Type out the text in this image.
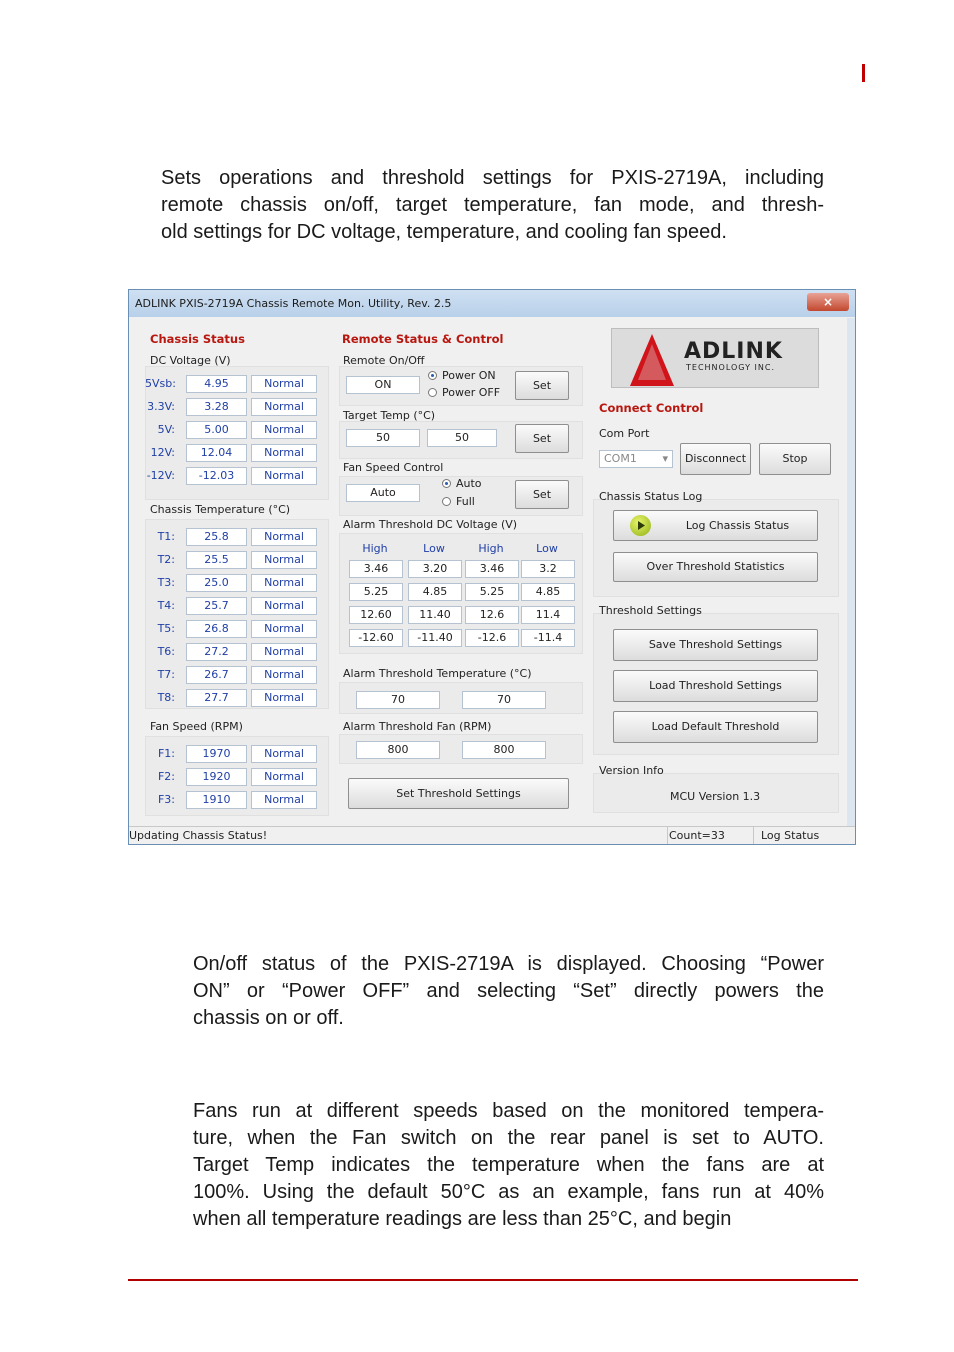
Sets operations and threshold settings for PXIS-2719A, including
remote chassis on/off, target temperature, fan mode, and thresh-
old settings for DC voltage, temperature, and cooling fan speed.
ADLINK PXIS-2719A Chassis Remote Mon. Utility, Rev. 2.5	×
Chassis Status
DC Voltage (V)
5Vsb:	4.95	Normal
3.3V:	3.28	Normal
5V:	5.00	Normal
12V:	12.04	Normal
-12V:	-12.03	Normal
Chassis Temperature (°C)
T1:	25.8	Normal
T2:	25.5	Normal
T3:	25.0	Normal
T4:	25.7	Normal
T5:	26.8	Normal
T6:	27.2	Normal
T7:	26.7	Normal
T8:	27.7	Normal
Fan Speed (RPM)
F1:	1970	Normal
F2:	1920	Normal
F3:	1910	Normal
Remote Status & Control
Remote On/Off
ON
Power ON
Power OFF
Set
Target Temp (°C)
50	50	Set
Fan Speed Control
Auto
Auto
Full
Set
Alarm Threshold DC Voltage (V)
High	Low	High	Low
3.46	3.20	3.46	3.2
5.25	4.85	5.25	4.85
12.60	11.40	12.6	11.4
-12.60	-11.40	-12.6	-11.4
Alarm Threshold Temperature (°C)
70	70
Alarm Threshold Fan (RPM)
800	800
Set Threshold Settings
ADLINK
TECHNOLOGY INC.
Connect Control
Com Port
COM1 ▾	Disconnect	Stop
Chassis Status Log
Log Chassis Status
Over Threshold Statistics
Threshold Settings
Save Threshold Settings
Load Threshold Settings
Load Default Threshold
Version Info
MCU Version 1.3
Updating Chassis Status!	Count=33	Log Status
On/off status of the PXIS-2719A is displayed. Choosing “Power
ON” or “Power OFF” and selecting “Set” directly powers the
chassis on or off.
Fans run at different speeds based on the monitored tempera-
ture, when the Fan switch on the rear panel is set to AUTO.
Target Temp indicates the temperature when the fans are at
100%. Using the default 50°C as an example, fans run at 40%
when all temperature readings are less than 25°C, and begin
